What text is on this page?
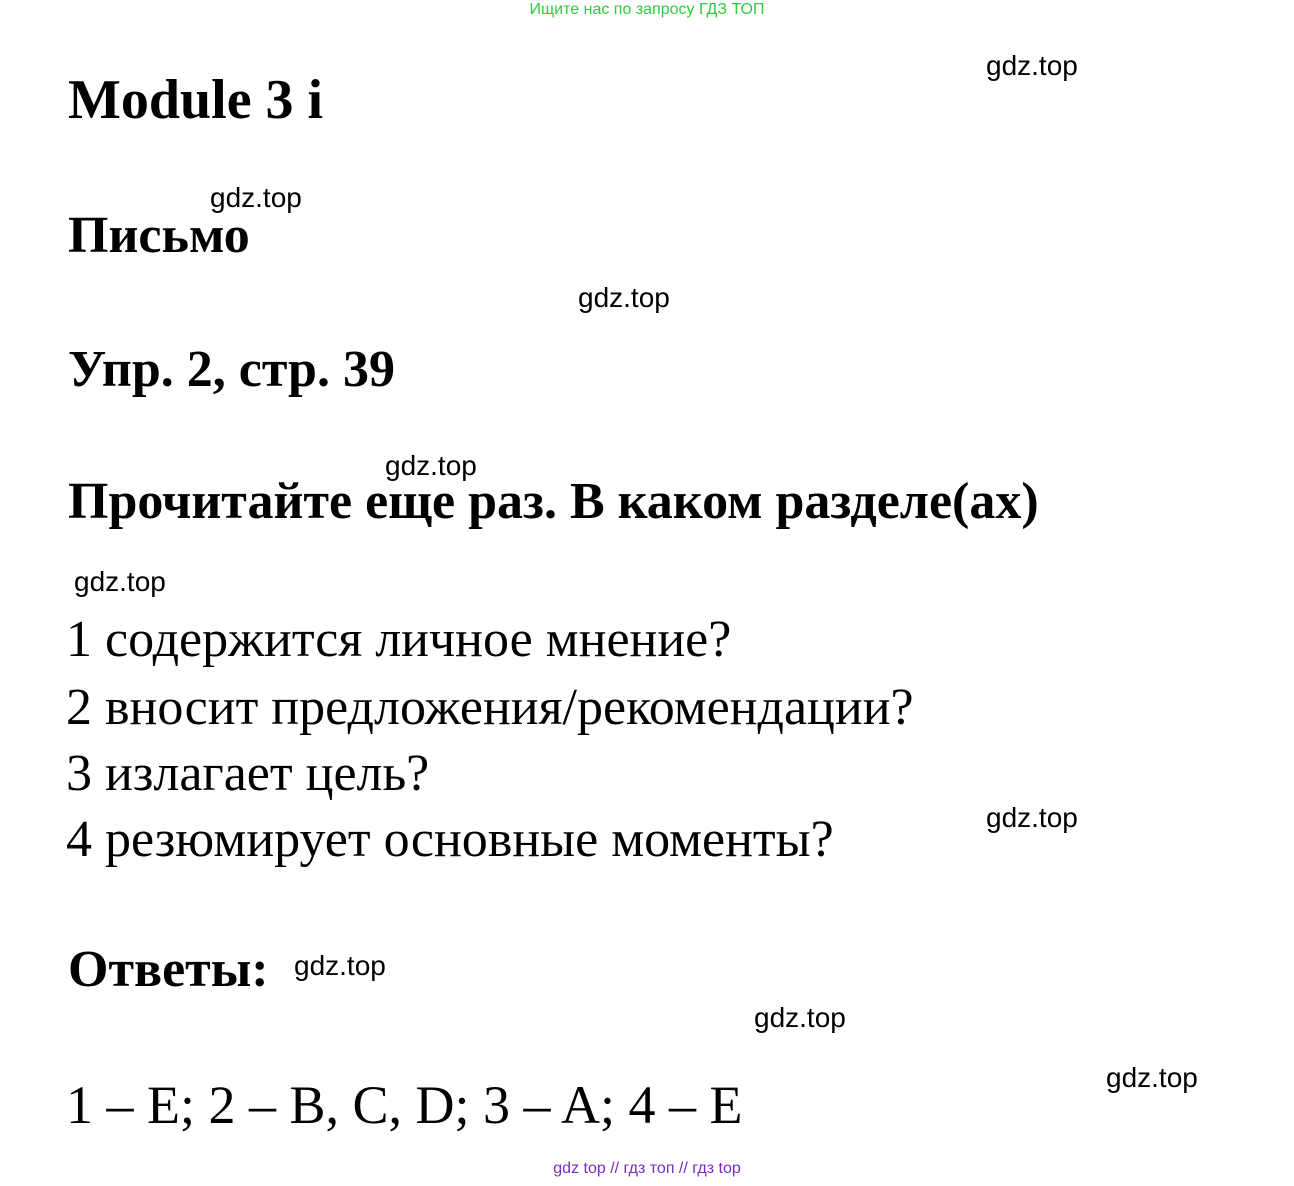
Ищите нас по запросу ГДЗ ТОП
gdz.top
Module 3 i
gdz.top
Письмо
gdz.top
Упр. 2, стр. 39
gdz.top
Прочитайте еще раз. В каком разделе(ах)
gdz.top
1 содержится личное мнение?
2 вносит предложения/рекомендации?
3 излагает цель?
4 резюмирует основные моменты?	gdz.top
Ответы: gdz.top
gdz.top
gdz.top
1 – E; 2 – B, C, D; 3 – A; 4 – E
gdz top // гдз топ // гдз top
